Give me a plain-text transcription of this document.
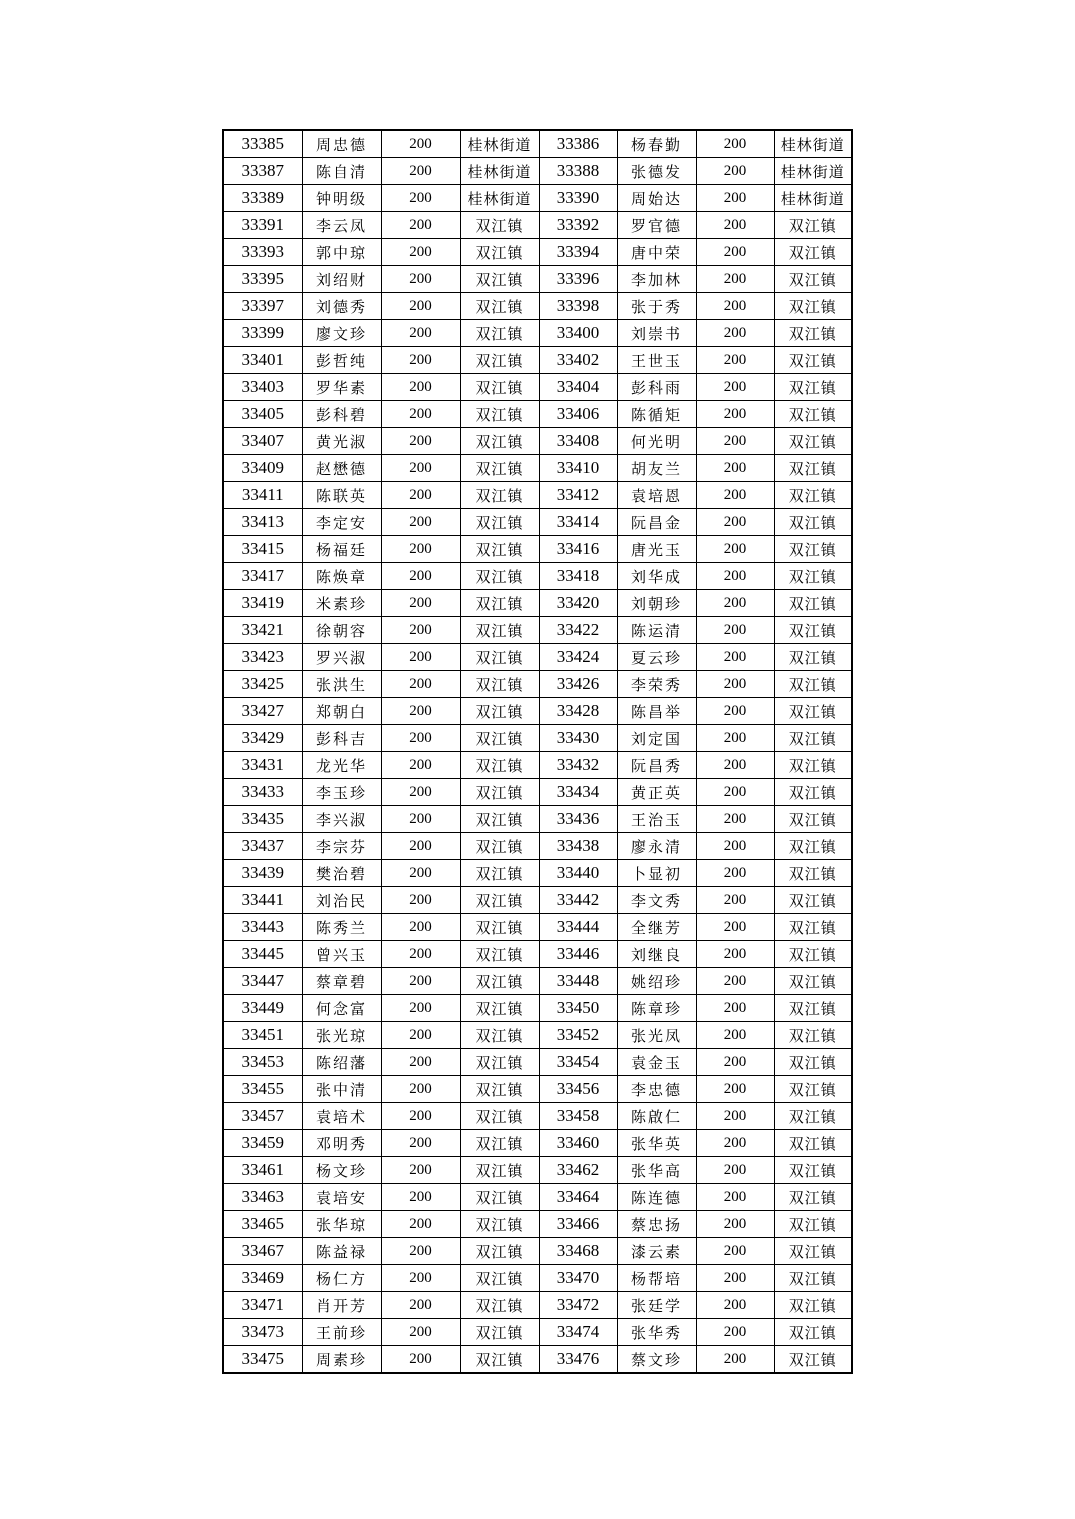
33385	周忠德	200	桂林街道	33386	杨春勤	200	桂林街道
33387	陈自清	200	桂林街道	33388	张德发	200	桂林街道
33389	钟明级	200	桂林街道	33390	周始达	200	桂林街道
33391	李云凤	200	双江镇	33392	罗官德	200	双江镇
33393	郭中琼	200	双江镇	33394	唐中荣	200	双江镇
33395	刘绍财	200	双江镇	33396	李加林	200	双江镇
33397	刘德秀	200	双江镇	33398	张于秀	200	双江镇
33399	廖文珍	200	双江镇	33400	刘崇书	200	双江镇
33401	彭哲纯	200	双江镇	33402	王世玉	200	双江镇
33403	罗华素	200	双江镇	33404	彭科雨	200	双江镇
33405	彭科碧	200	双江镇	33406	陈循矩	200	双江镇
33407	黄光淑	200	双江镇	33408	何光明	200	双江镇
33409	赵懋德	200	双江镇	33410	胡友兰	200	双江镇
33411	陈联英	200	双江镇	33412	袁培恩	200	双江镇
33413	李定安	200	双江镇	33414	阮昌金	200	双江镇
33415	杨福廷	200	双江镇	33416	唐光玉	200	双江镇
33417	陈焕章	200	双江镇	33418	刘华成	200	双江镇
33419	米素珍	200	双江镇	33420	刘朝珍	200	双江镇
33421	徐朝容	200	双江镇	33422	陈运清	200	双江镇
33423	罗兴淑	200	双江镇	33424	夏云珍	200	双江镇
33425	张洪生	200	双江镇	33426	李荣秀	200	双江镇
33427	郑朝白	200	双江镇	33428	陈昌举	200	双江镇
33429	彭科吉	200	双江镇	33430	刘定国	200	双江镇
33431	龙光华	200	双江镇	33432	阮昌秀	200	双江镇
33433	李玉珍	200	双江镇	33434	黄正英	200	双江镇
33435	李兴淑	200	双江镇	33436	王治玉	200	双江镇
33437	李宗芬	200	双江镇	33438	廖永清	200	双江镇
33439	樊治碧	200	双江镇	33440	卜显初	200	双江镇
33441	刘治民	200	双江镇	33442	李文秀	200	双江镇
33443	陈秀兰	200	双江镇	33444	全继芳	200	双江镇
33445	曾兴玉	200	双江镇	33446	刘继良	200	双江镇
33447	蔡章碧	200	双江镇	33448	姚绍珍	200	双江镇
33449	何念富	200	双江镇	33450	陈章珍	200	双江镇
33451	张光琼	200	双江镇	33452	张光凤	200	双江镇
33453	陈绍藩	200	双江镇	33454	袁金玉	200	双江镇
33455	张中清	200	双江镇	33456	李忠德	200	双江镇
33457	袁培术	200	双江镇	33458	陈啟仁	200	双江镇
33459	邓明秀	200	双江镇	33460	张华英	200	双江镇
33461	杨文珍	200	双江镇	33462	张华高	200	双江镇
33463	袁培安	200	双江镇	33464	陈连德	200	双江镇
33465	张华琼	200	双江镇	33466	蔡忠扬	200	双江镇
33467	陈益禄	200	双江镇	33468	漆云素	200	双江镇
33469	杨仁方	200	双江镇	33470	杨帮培	200	双江镇
33471	肖开芳	200	双江镇	33472	张廷学	200	双江镇
33473	王前珍	200	双江镇	33474	张华秀	200	双江镇
33475	周素珍	200	双江镇	33476	蔡文珍	200	双江镇
